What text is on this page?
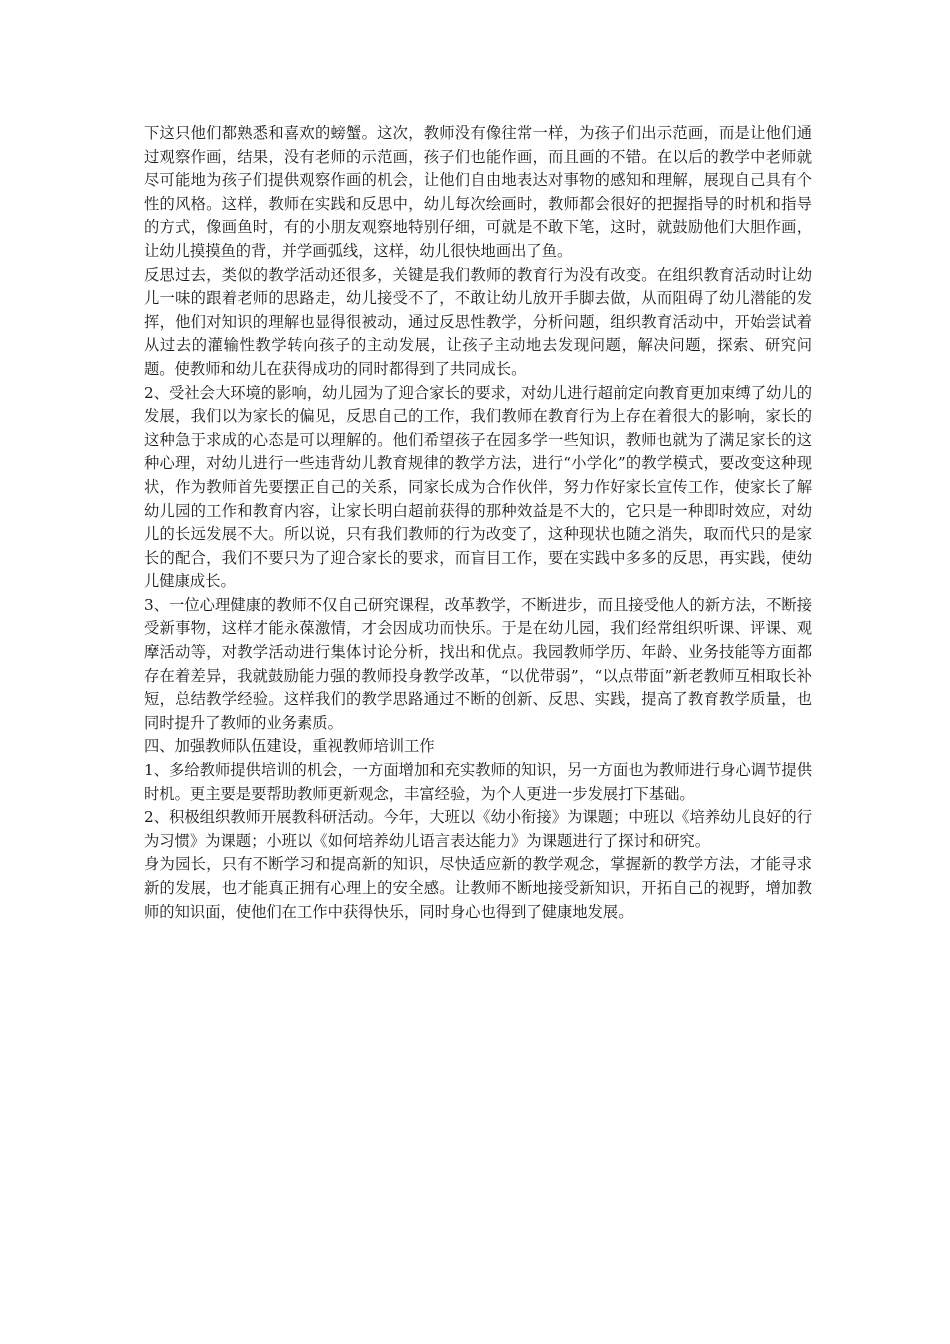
下这只他们都熟悉和喜欢的螃蟹。这次，教师没有像往常一样，为孩子们出示范画，而是让他们通过观察作画，结果，没有老师的示范画，孩子们也能作画，而且画的不错。在以后的教学中老师就尽可能地为孩子们提供观察作画的机会，让他们自由地表达对事物的感知和理解，展现自己具有个性的风格。这样，教师在实践和反思中，幼儿每次绘画时，教师都会很好的把握指导的时机和指导的方式，像画鱼时，有的小朋友观察地特别仔细，可就是不敢下笔，这时，就鼓励他们大胆作画，让幼儿摸摸鱼的背，并学画弧线，这样，幼儿很快地画出了鱼。

反思过去，类似的教学活动还很多，关键是我们教师的教育行为没有改变。在组织教育活动时让幼儿一味的跟着老师的思路走，幼儿接受不了，不敢让幼儿放开手脚去做，从而阻碍了幼儿潜能的发挥，他们对知识的理解也显得很被动，通过反思性教学，分析问题，组织教育活动中，开始尝试着从过去的灌输性教学转向孩子的主动发展，让孩子主动地去发现问题，解决问题，探索、研究问题。使教师和幼儿在获得成功的同时都得到了共同成长。

2、受社会大环境的影响，幼儿园为了迎合家长的要求，对幼儿进行超前定向教育更加束缚了幼儿的发展，我们以为家长的偏见，反思自己的工作，我们教师在教育行为上存在着很大的影响，家长的这种急于求成的心态是可以理解的。他们希望孩子在园多学一些知识，教师也就为了满足家长的这种心理，对幼儿进行一些违背幼儿教育规律的教学方法，进行“小学化”的教学模式，要改变这种现状，作为教师首先要摆正自己的关系，同家长成为合作伙伴，努力作好家长宣传工作，使家长了解幼儿园的工作和教育内容，让家长明白超前获得的那种效益是不大的，它只是一种即时效应，对幼儿的长远发展不大。所以说，只有我们教师的行为改变了，这种现状也随之消失，取而代只的是家长的配合，我们不要只为了迎合家长的要求，而盲目工作，要在实践中多多的反思，再实践，使幼儿健康成长。

3、一位心理健康的教师不仅自己研究课程，改革教学，不断进步，而且接受他人的新方法，不断接受新事物，这样才能永葆激情，才会因成功而快乐。于是在幼儿园，我们经常组织听课、评课、观摩活动等，对教学活动进行集体讨论分析，找出和优点。我园教师学历、年龄、业务技能等方面都存在着差异，我就鼓励能力强的教师投身教学改革，“以优带弱”，“以点带面”新老教师互相取长补短，总结教学经验。这样我们的教学思路通过不断的创新、反思、实践，提高了教育教学质量，也同时提升了教师的业务素质。

四、加强教师队伍建设，重视教师培训工作

1、多给教师提供培训的机会，一方面增加和充实教师的知识，另一方面也为教师进行身心调节提供时机。更主要是要帮助教师更新观念，丰富经验，为个人更进一步发展打下基础。

2、积极组织教师开展教科研活动。今年，大班以《幼小衔接》为课题；中班以《培养幼儿良好的行为习惯》为课题；小班以《如何培养幼儿语言表达能力》为课题进行了探讨和研究。

身为园长，只有不断学习和提高新的知识，尽快适应新的教学观念，掌握新的教学方法，才能寻求新的发展，也才能真正拥有心理上的安全感。让教师不断地接受新知识，开拓自己的视野，增加教师的知识面，使他们在工作中获得快乐，同时身心也得到了健康地发展。
